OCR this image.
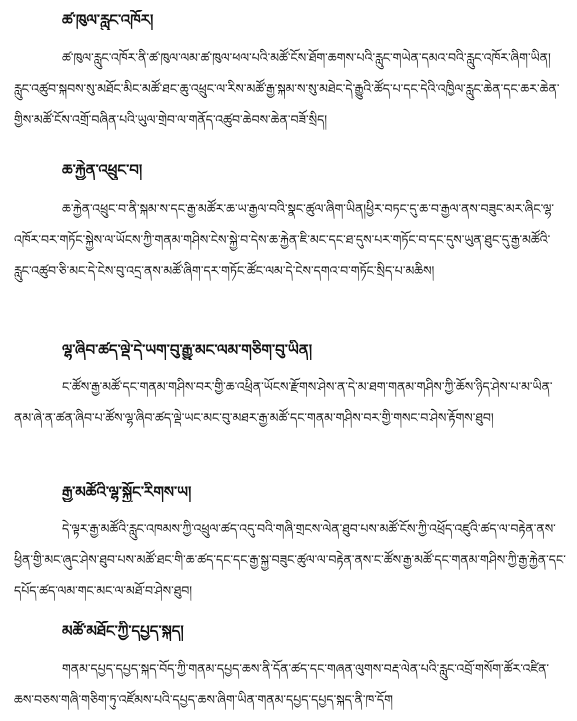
ཚ་ཁུལ་རླུང་འཁོར།
ཚ་ཁུལ་རླུང་འཁོར་ནི་ཚ་ཁུལ་ལམ་ཚ་ཁུལ་ཕལ་པའི་མཚོ་ངོས་ཐོག་ཆགས་པའི་རླུང་གཡེན་དམའ་བའི་རླུང་འཁོར་ཞིག་ཡིན།རླུང་འཚུབ་སྐབས་སུ་མཐོང་མིང་མཚོ་ཐང་ཆུ་འཕྲུང་ལ་རིས་མཚོ་རྒྱ་སྐམ་ས་སུ་མཐེང་དེ་རྒྱུའི་ཚོད་པ་དང་དེའི་འཁྱིལ་རླུང་ཆེན་དང་ཆར་ཆེན་གྱིས་མཚོ་ངོས་འགྲོ་བཞིན་པའི་ཡུལ་གྲེབ་ལ་གནོད་འཚུབ་ཆེབས་ཆེན་བཟོ་སྲིད།
ཆ་རྐྱེན་འཕྲུང་བ།
ཆ་རྐྱེན་འཕྲུང་བ་ནི་སྐམ་ས་དང་རྒྱ་མཚོར་ཆ་ཡ་རྒྱལ་བའི་སྣང་ཚུལ་ཞིག་ཡིན།ཕྱིར་བཏང་དུ་ཆ་བ་རྒྱལ་ནས་བཟུང་མར་ཞིང་ལྷ་འཁོར་བར་གཏོང་སྐྱེས་ལ་ཡོངས་ཀྱི་གནམ་གཤིས་ངེས་སྐྱེ་བ་དེས་ཆ་རྐྱེན་ཇི་མང་དང་ཐ་དུས་པར་གཏོང་བ་དང་དུས་ཡུན་ཐུང་དུ་རྒྱ་མཚོའི་རླུང་འཚུབ་ཅི་མང་དེ་ངེས་བུ་འདྲ་ནས་མཚོ་ཞིག་དར་གཏོང་ཚོང་ལམ་དེ་ངེས་དགའ་བ་གཏོང་སྲིད་པ་མཆིས།
ལྷ་ཞིབ་ཚད་ལྡེ་དེ་ཡག་བུ་རྒྱུ་མང་ལམ་གཅིག་བུ་ཡིན།
ང་ཚོས་རྒྱ་མཚོ་དང་གནམ་གཤིས་བར་གྱི་ཆ་འཕྲིན་ཡོངས་རྫོགས་ཤེས་ན་དེ་མ་ཐག་གནམ་གཤིས་ཀྱི་ཆོས་ཉིད་ཤེས་པ་མ་ཡིན་ནམ་ཞེ་ན་ཚན་ཞིབ་པ་ཚོས་ལྷ་ཞིབ་ཚད་ལྡེ་ཡང་མང་བུ་མཐར་རྒྱ་མཚོ་དང་གནམ་གཤིས་བར་གྱི་གསང་བ་ཤེས་རྟོགས་ཐུབ།
རྒྱ་མཚོའི་ལྷ་སྐྱོང་རིགས་ཡ།
དེ་ལྟར་རྒྱ་མཚོའི་རླུང་འཁམས་ཀྱི་འཕྲུལ་ཚད་འདུ་བའི་གཞི་གྲངས་ལེན་ཐུབ་པས་མཚོ་ངོས་ཀྱི་འཕྲོད་འཛུའི་ཚད་ལ་བརྟེན་ནས་ཕྱིན་གྱི་མང་ཞུང་ཤེས་ཐུབ་པས་མཚོ་ཐང་གི་ཆ་ཚད་དང་དང་རྒྱ་སྐྱ་བཟུང་ཚུལ་ལ་བརྟེན་ནས་ང་ཚོས་རྒྱ་མཚོ་དང་གནམ་གཤིས་ཀྱི་རྒྱ་རྐྱེན་དང་དཔོད་ཚད་ལམ་གང་མང་ལ་མཐོ་བ་ཤེས་ཐུབ།
མཚོ་མཐོང་ཀྱི་དཔྱད་སྐད།
གནམ་དཔྱད་དཔྱད་སྐད་བོད་ཀྱི་གནམ་དཔྱད་ཆས་ནི་དོན་ཚད་དང་གཞན་ལུགས་བརྡ་ལེན་པའི་རླུང་འབྲོ་གསོག་ཚོར་འཛིན་ཆས་བཅས་གཞི་གཅིག་ཏུ་འཛོམས་པའི་དཔྱད་ཆས་ཞིག་ཡིན་གནམ་དཔྱད་དཔྱད་སྐད་ནི་ཁ་དོག
